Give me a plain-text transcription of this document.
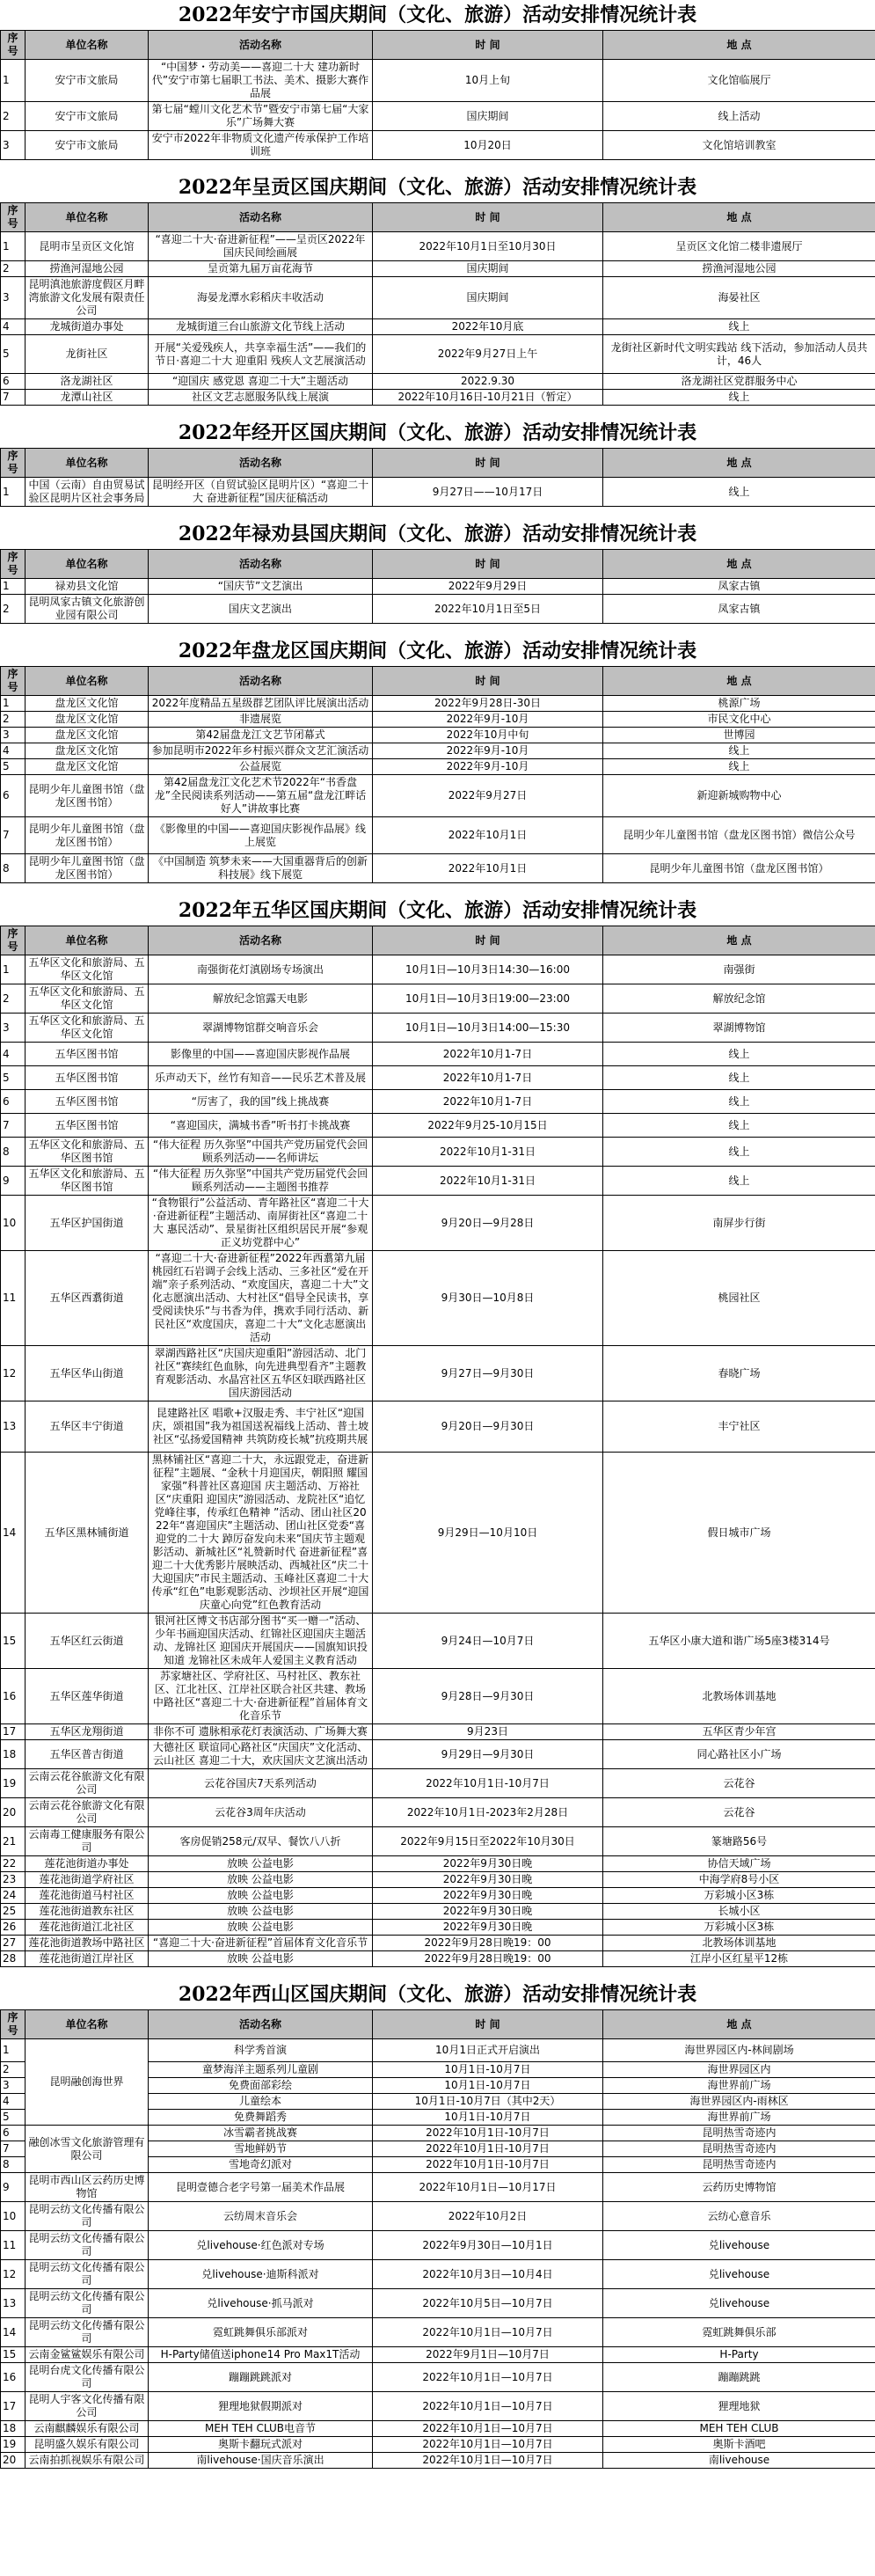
2022年安宁市国庆期间（文化、旅游）活动安排情况统计表
序号	单位名称	活动名称	时 间	地 点
1	安宁市文旅局	“中国梦・劳动美——喜迎二十大 建功新时代”安宁市第七届职工书法、美术、摄影大赛作品展	10月上旬	文化馆临展厅
2	安宁市文旅局	第七届“螳川文化艺术节”暨安宁市第七届“大家乐”广场舞大赛	国庆期间	线上活动
3	安宁市文旅局	安宁市2022年非物质文化遗产传承保护工作培训班	10月20日	文化馆培训教室
2022年呈贡区国庆期间（文化、旅游）活动安排情况统计表
序号	单位名称	活动名称	时 间	地 点
1	昆明市呈贡区文化馆	“喜迎二十大·奋进新征程”——呈贡区2022年国庆民间绘画展	2022年10月1日至10月30日	呈贡区文化馆二楼非遗展厅
2	捞渔河湿地公园	呈贡第九届万亩花海节	国庆期间	捞渔河湿地公园
3	昆明滇池旅游度假区月畔湾旅游文化发展有限责任公司	海晏龙潭水彩稻庆丰收活动	国庆期间	海晏社区
4	龙城街道办事处	龙城街道三台山旅游文化节线上活动	2022年10月底	线上
5	龙街社区	开展“关爱残疾人，共享幸福生活”——我们的节日·喜迎二十大 迎重阳 残疾人文艺展演活动	2022年9月27日上午	龙街社区新时代文明实践站 线下活动，参加活动人员共计，46人
6	洛龙湖社区	“迎国庆 感党恩 喜迎二十大”主题活动	2022.9.30	洛龙湖社区党群服务中心
7	龙潭山社区	社区文艺志愿服务队线上展演	2022年10月16日-10月21日（暂定）	线上
2022年经开区国庆期间（文化、旅游）活动安排情况统计表
序号	单位名称	活动名称	时 间	地 点
1	中国（云南）自由贸易试验区昆明片区社会事务局	昆明经开区（自贸试验区昆明片区）“喜迎二十大 奋进新征程”国庆征稿活动	9月27日——10月17日	线上
2022年禄劝县国庆期间（文化、旅游）活动安排情况统计表
序号	单位名称	活动名称	时 间	地 点
1	禄劝县文化馆	“国庆节”文艺演出	2022年9月29日	凤家古镇
2	昆明凤家古镇文化旅游创业园有限公司	国庆文艺演出	2022年10月1日至5日	凤家古镇
2022年盘龙区国庆期间（文化、旅游）活动安排情况统计表
序号	单位名称	活动名称	时 间	地 点
1	盘龙区文化馆	2022年度精品五星级群艺团队评比展演出活动	2022年9月28日-30日	桃源广场
2	盘龙区文化馆	非遗展览	2022年9月-10月	市民文化中心
3	盘龙区文化馆	第42届盘龙江文艺节闭幕式	2022年10月中旬	世博园
4	盘龙区文化馆	参加昆明市2022年乡村振兴群众文艺汇演活动	2022年9月-10月	线上
5	盘龙区文化馆	公益展览	2022年9月-10月	线上
6	昆明少年儿童图书馆（盘龙区图书馆）	第42届盘龙江文化艺术节2022年“书香盘龙”全民阅读系列活动——第五届“盘龙江畔话好人”讲故事比赛	2022年9月27日	新迎新城购物中心
7	昆明少年儿童图书馆（盘龙区图书馆）	《影像里的中国——喜迎国庆影视作品展》线上展览	2022年10月1日	昆明少年儿童图书馆（盘龙区图书馆）微信公众号
8	昆明少年儿童图书馆（盘龙区图书馆）	《中国制造 筑梦未来——大国重器背后的创新科技展》线下展览	2022年10月1日	昆明少年儿童图书馆（盘龙区图书馆）
2022年五华区国庆期间（文化、旅游）活动安排情况统计表
序号	单位名称	活动名称	时 间	地 点
1	五华区文化和旅游局、五华区文化馆	南强街花灯滇剧场专场演出	10月1日—10月3日14:30—16:00	南强街
2	五华区文化和旅游局、五华区文化馆	解放纪念馆露天电影	10月1日—10月3日19:00—23:00	解放纪念馆
3	五华区文化和旅游局、五华区文化馆	翠湖博物馆群交响音乐会	10月1日—10月3日14:00—15:30	翠湖博物馆
4	五华区图书馆	影像里的中国——喜迎国庆影视作品展	2022年10月1-7日	线上
5	五华区图书馆	乐声动天下，丝竹有知音——民乐艺术普及展	2022年10月1-7日	线上
6	五华区图书馆	“厉害了，我的国”线上挑战赛	2022年10月1-7日	线上
7	五华区图书馆	“喜迎国庆，满城书香”听书打卡挑战赛	2022年9月25-10月15日	线上
8	五华区文化和旅游局、五华区图书馆	“伟大征程 历久弥坚”中国共产党历届党代会回顾系列活动——名师讲坛	2022年10月1-31日	线上
9	五华区文化和旅游局、五华区图书馆	“伟大征程 历久弥坚”中国共产党历届党代会回顾系列活动——主题图书推荐	2022年10月1-31日	线上
10	五华区护国街道	“食物银行”公益活动、青年路社区“喜迎二十大·奋进新征程”主题活动、南屏街社区“喜迎二十大 惠民活动”、景星街社区组织居民开展“参观正义坊党群中心”	9月20日—9月28日	南屏步行街
11	五华区西翥街道	“喜迎二十大·奋进新征程”2022年西翥第九届桃园红石岩调子会线上活动、三多社区“爱在开端”亲子系列活动、“欢度国庆，喜迎二十大”文化志愿演出活动、大村社区“倡导全民读书，享受阅读快乐”与书香为伴，携欢手同行活动、新民社区“欢度国庆，喜迎二十大”文化志愿演出活动	9月30日—10月8日	桃园社区
12	五华区华山街道	翠湖西路社区“庆国庆迎重阳”游园活动、北门社区“赛续红色血脉，向先进典型看齐”主题教育观影活动、水晶宫社区五华区妇联西路社区国庆游园活动	9月27日—9月30日	春晓广场
13	五华区丰宁街道	昆建路社区 唱歌+汉服走秀、丰宁社区“迎国庆，颂祖国”我为祖国送祝福线上活动、普土坡社区“弘扬爱国精神 共筑防疫长城”抗疫期共展	9月20日—9月30日	丰宁社区
14	五华区黑林铺街道	黑林铺社区“喜迎二十大，永远跟党走，奋进新征程”主题展、“金秋十月迎国庆，朝阳照 耀国家强”科普社区喜迎国 庆主题活动、万裕社区“庆重阳 迎国庆”游园活动、龙院社区“追忆党峰往事，传承红色精神 ”活动、团山社区2022年“喜迎国庆”主题活动、团山社区党委“喜迎党的二十大 踔厉奋发向未来”国庆节主题观影活动、新城社区“礼赞新时代 奋进新征程”喜迎二十大优秀影片展映活动、西城社区“庆二十大迎国庆”市民主题活动、玉峰社区喜迎二十大 传承“红色”电影观影活动、沙坝社区开展“迎国庆童心向党”红色教育活动	9月29日—10月10日	假日城市广场
15	五华区红云街道	银河社区博文书店部分图书“买一赠一”活动、少年书画迎国庆活动、红锦社区迎国庆主题活动、龙锦社区 迎国庆开展国庆——国旗知识投知道 龙锦社区未成年人爱国主义教育活动	9月24日—10月7日	五华区小康大道和谐广场5座3楼314号
16	五华区莲华街道	苏家塘社区、学府社区、马村社区、教东社区、江北社区、江岸社区联合社区共建、教场中路社区“喜迎二十大·奋进新征程”首届体育文化音乐节	9月28日—9月30日	北教场体训基地
17	五华区龙翔街道	非你不可 遗脉相承花灯表演活动、广场舞大赛	9月23日	五华区青少年宫
18	五华区普吉街道	大德社区 联谊同心路社区“庆国庆”文化活动、云山社区 喜迎二十大，欢庆国庆文艺演出活动	9月29日—9月30日	同心路社区小广场
19	云南云花谷旅游文化有限公司	云花谷国庆7天系列活动	2022年10月1日-10月7日	云花谷
20	云南云花谷旅游文化有限公司	云花谷3周年庆活动	2022年10月1日-2023年2月28日	云花谷
21	云南毒工健康服务有限公司	客房促销258元/双早、餐饮八八折	2022年9月15日至2022年10月30日	篆塘路56号
22	莲花池街道办事处	放映 公益电影	2022年9月30日晚	协信天域广场
23	莲花池街道学府社区	放映 公益电影	2022年9月30日晚	中海学府8号小区
24	莲花池街道马村社区	放映 公益电影	2022年9月30日晚	万彩城小区3栋
25	莲花池街道教东社区	放映 公益电影	2022年9月30日晚	长城小区
26	莲花池街道江北社区	放映 公益电影	2022年9月30日晚	万彩城小区3栋
27	莲花池街道教场中路社区	“喜迎二十大·奋进新征程”首届体育文化音乐节	2022年9月28日晚19：00	北教场体训基地
28	莲花池街道江岸社区	放映 公益电影	2022年9月28日晚19：00	江岸小区红星平12栋
2022年西山区国庆期间（文化、旅游）活动安排情况统计表
序号	单位名称	活动名称	时 间	地 点
1	昆明融创海世界	科学秀首演	10月1日正式开启演出	海世界园区内-林间剧场
2		童梦海洋主题系列儿童剧	10月1日-10月7日	海世界园区内
3		免费面部彩绘	10月1日-10月7日	海世界前广场
4		儿童绘本	10月1日-10月7日（其中2天）	海世界园区内-雨林区
5		免费舞蹈秀	10月1日-10月7日	海世界前广场
6	融创冰雪文化旅游管理有限公司	冰雪霸者挑战赛	2022年10月1日-10月7日	昆明热雪奇迹内
7		雪地鲜奶节	2022年10月1日-10月7日	昆明热雪奇迹内
8		雪地奇幻派对	2022年10月1日-10月7日	昆明热雪奇迹内
9	昆明市西山区云药历史博物馆	昆明壹德合老字号第一届美术作品展	2022年10月1日—10月17日	云药历史博物馆
10	昆明云纺文化传播有限公司	云纺周末音乐会	2022年10月2日	云纺心意音乐
11	昆明云纺文化传播有限公司	兑livehouse·红色派对专场	2022年9月30日—10月1日	兑livehouse
12	昆明云纺文化传播有限公司	兑livehouse·迪斯科派对	2022年10月3日—10月4日	兑livehouse
13	昆明云纺文化传播有限公司	兑livehouse·抓马派对	2022年10月5日—10月7日	兑livehouse
14	昆明云纺文化传播有限公司	霓虹跳舞俱乐部派对	2022年10月1日—10月7日	霓虹跳舞俱乐部
15	云南金鲨鲨娱乐有限公司	H-Party储值送iphone14 Pro Max1T活动	2022年9月1日—10月7日	H-Party
16	昆明台虎文化传播有限公司	蹦蹦跳跳派对	2022年10月1日—10月7日	蹦蹦跳跳
17	昆明人宇客文化传播有限公司	狸理地狱假期派对	2022年10月1日—10月7日	狸理地狱
18	云南麒麟娱乐有限公司	MEH TEH CLUB电音节	2022年10月1日—10月7日	MEH TEH CLUB
19	昆明盛久娱乐有限公司	奥斯卡翻玩式派对	2022年10月1日—10月7日	奥斯卡酒吧
20	云南拍抓视娱乐有限公司	南livehouse·国庆音乐演出	2022年10月1日—10月7日	南livehouse
